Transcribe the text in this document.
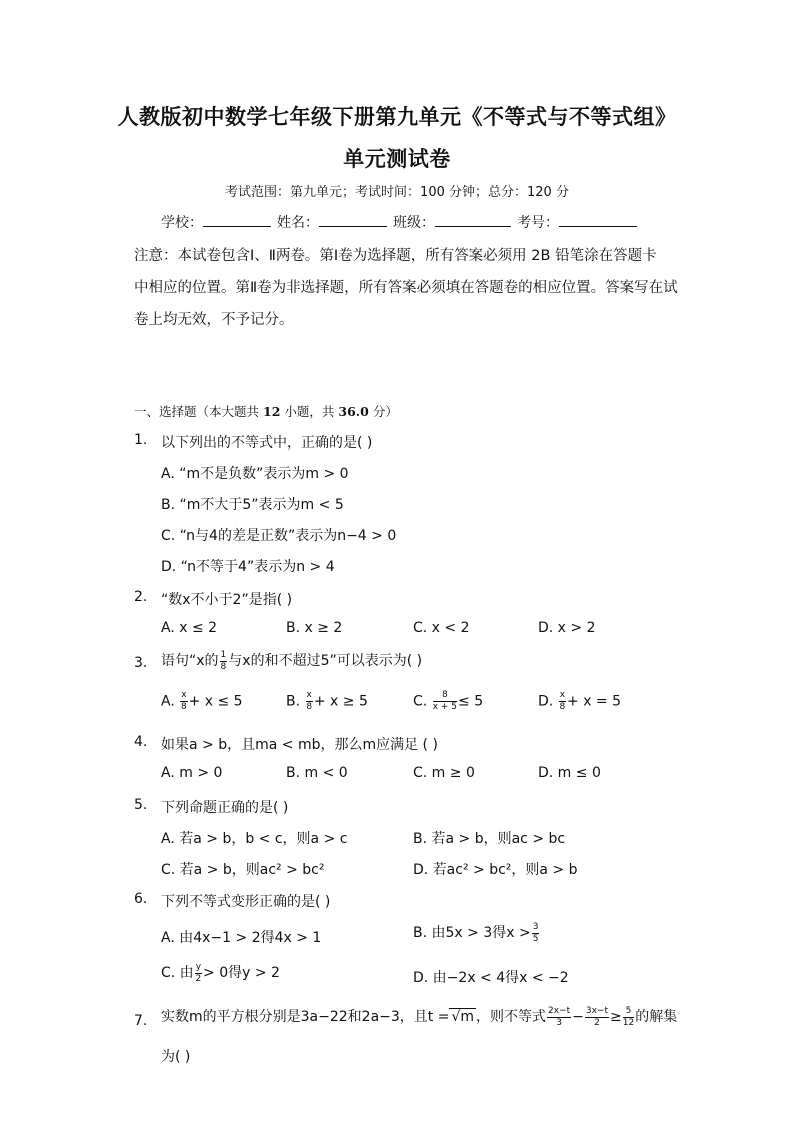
人教版初中数学七年级下册第九单元《不等式与不等式组》
单元测试卷
考试范围：第九单元；考试时间：100 分钟；总分：120 分
学校：	姓名：	班级：	考号：
注意：本试卷包含Ⅰ、Ⅱ两卷。第Ⅰ卷为选择题，所有答案必须用 2B 铅笔涂在答题卡
中相应的位置。第Ⅱ卷为非选择题，所有答案必须填在答题卷的相应位置。答案写在试
卷上均无效，不予记分。
一、选择题（本大题共 12 小题，共 36.0 分）
1. 以下列出的不等式中，正确的是( )
A. “m不是负数”表示为m > 0
B. “m不大于5”表示为m < 5
C. “n与4的差是正数”表示为n−4 > 0
D. “n不等于4”表示为n > 4
2. “数x不小于2”是指( )
A. x ≤ 2	B. x ≥ 2	C. x < 2	D. x > 2
3. 语句“x的 $\frac{1}{8}$ 与x的和不超过5”可以表示为( )
A. $\frac{x}{8} + x \le 5$	B. $\frac{x}{8} + x \ge 5$	C. $\frac{8}{x + 5} \le 5$	D. $\frac{x}{8} + x = 5$
4. 如果a > b，且ma < mb，那么m应满足 ( )
A. m > 0	B. m < 0	C. m ≥ 0	D. m ≤ 0
5. 下列命题正确的是( )
A. 若a > b，b < c，则a > c	B. 若a > b，则ac > bc
C. 若a > b，则ac² > bc²	D. 若ac² > bc²，则a > b
6. 下列不等式变形正确的是( )
A. 由4x−1 > 2得4x > 1	B. 由5x > 3得$x > \frac{3}{5}$
C. 由 $\frac{y}{2} > 0$得y > 2	D. 由−2x < 4得x < −2
7. 实数m的平方根分别是3a−22和2a−3，且t = √m ，则不等式 $\frac{2x-t}{3} - \frac{3x-t}{2} \ge \frac{5}{12}$ 的解集
为( )
